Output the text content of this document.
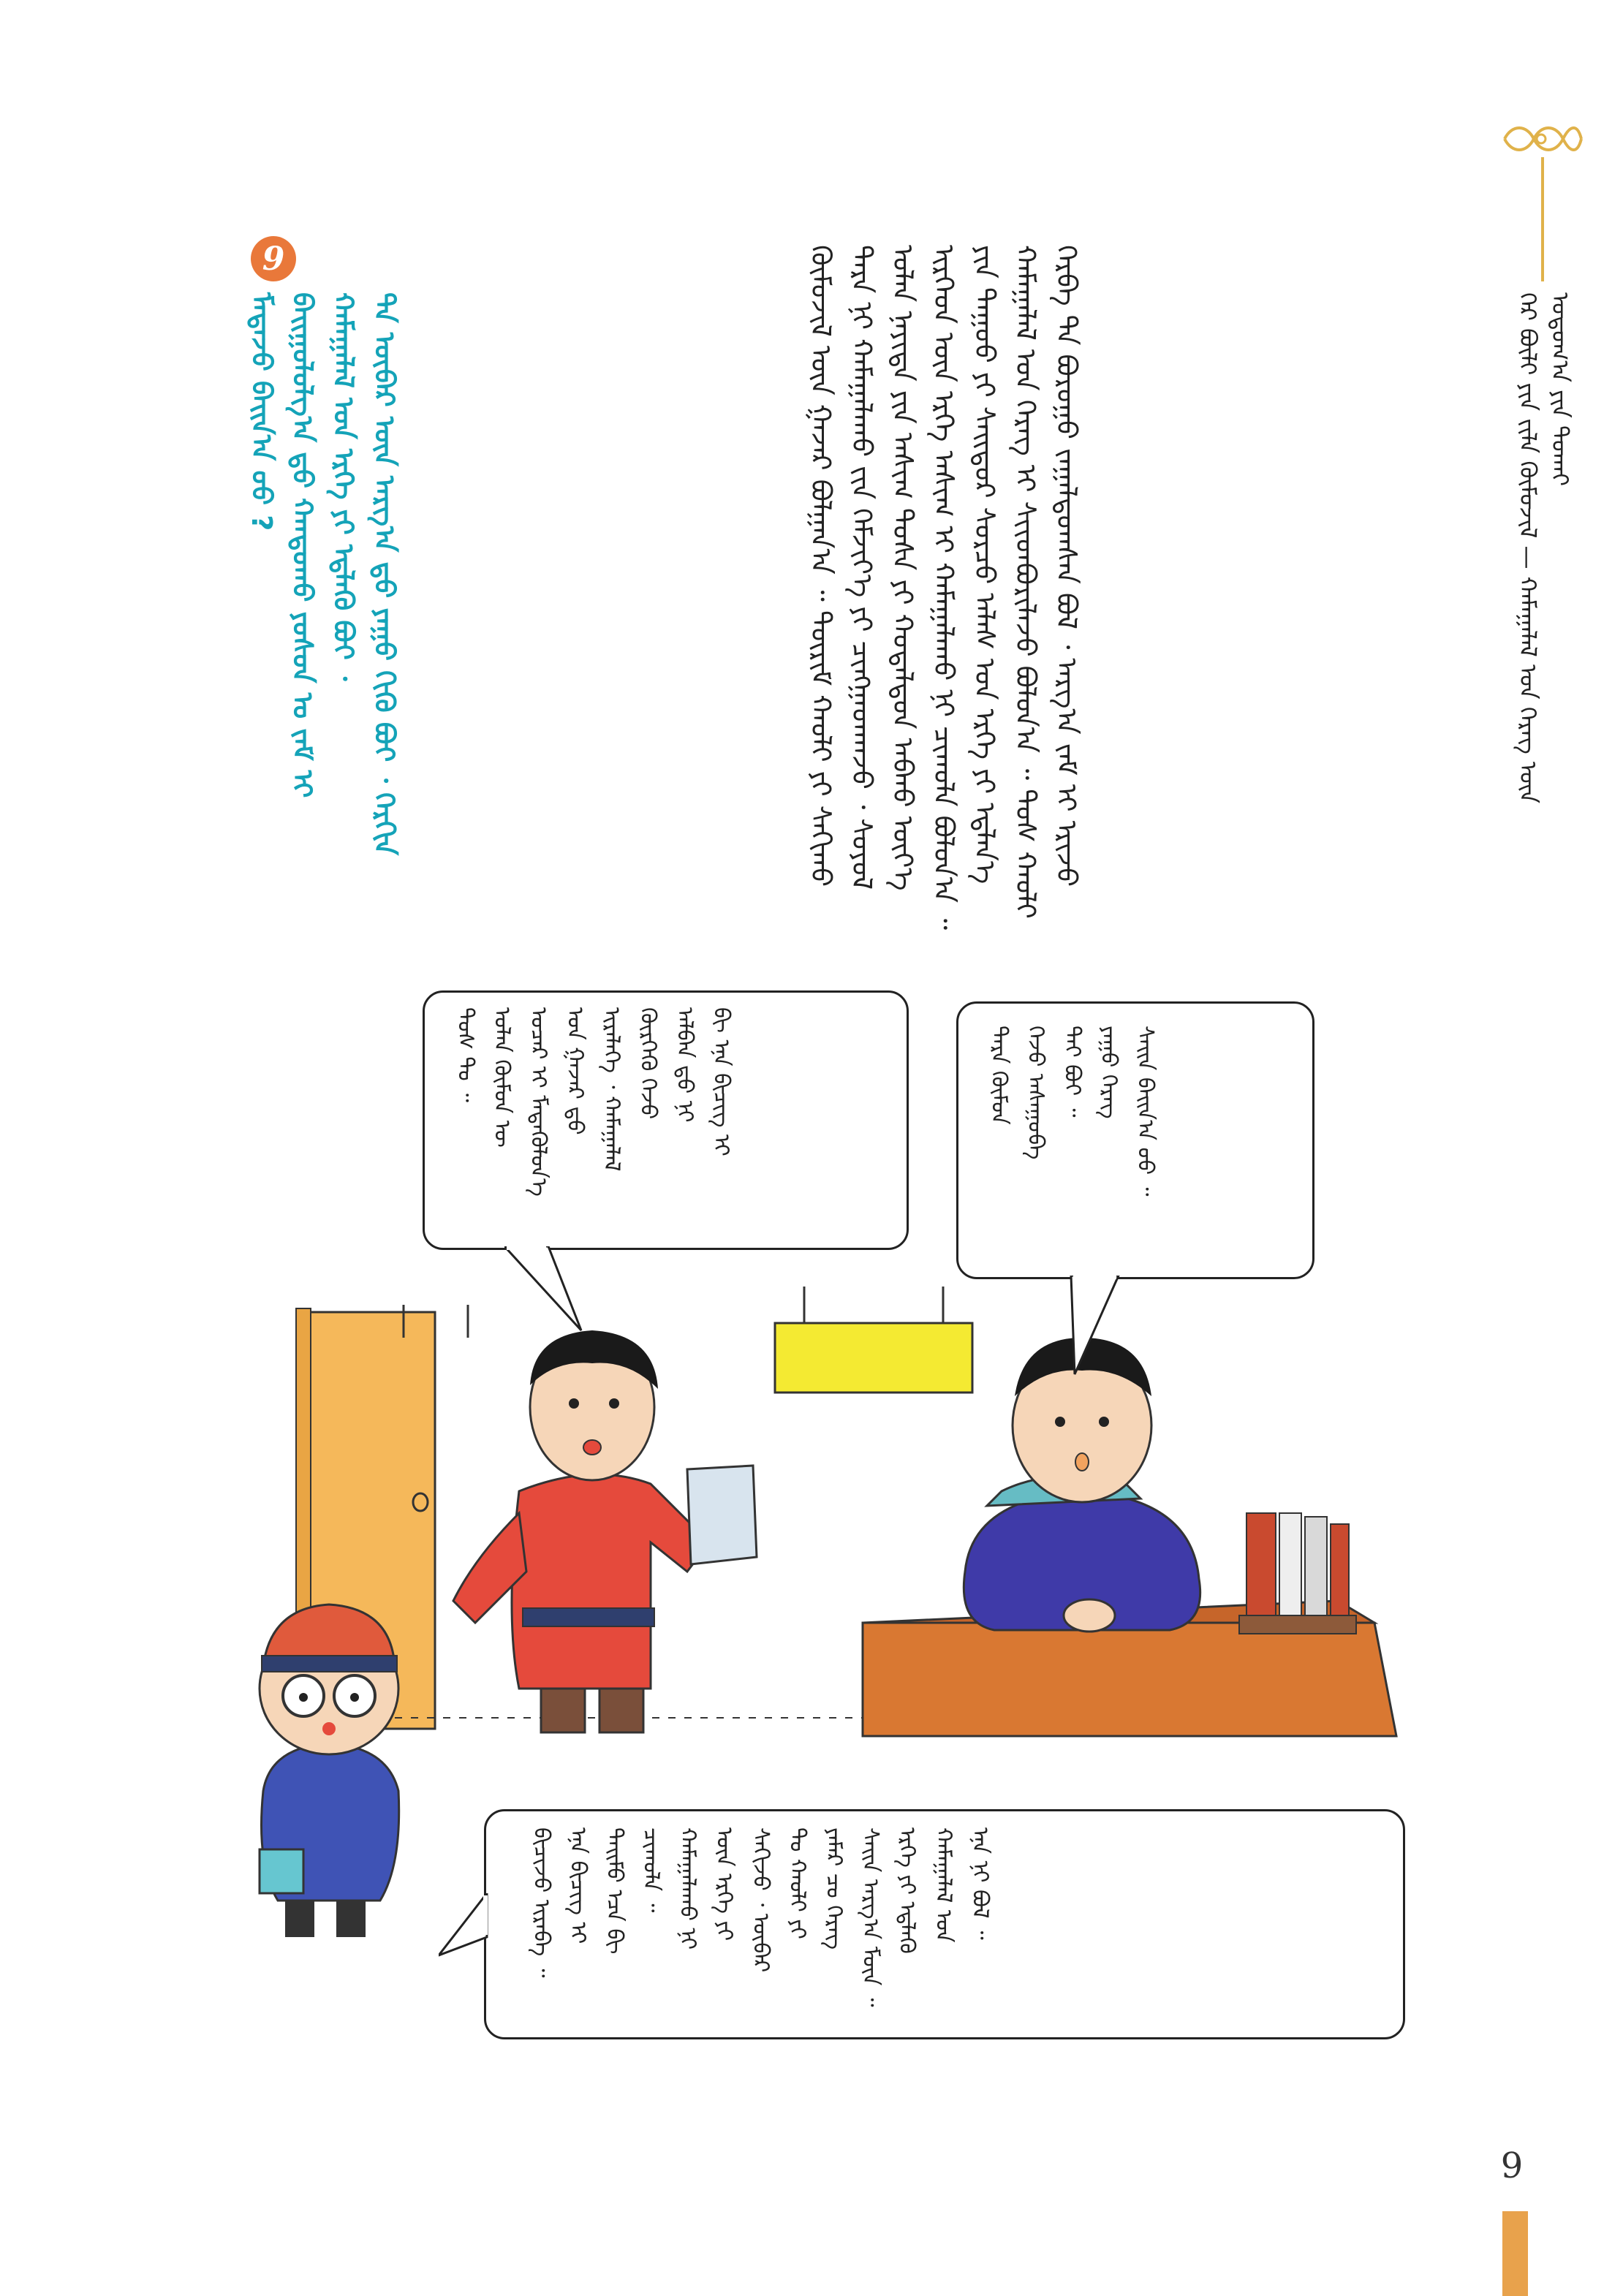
ᠭᠡᠷ ᠪᠦᠯᠢ ᠶᠢᠨ ᠵᠢᠯᠡ ᠬᠦᠮᠦᠵᠢᠯ — ᠬᠠᠮᠠᠭᠠᠯᠠᠯ ᠤᠨ ᠬᠡᠷᠡᠭ ᠦᠨ ᠣᠳᠣᠭ᠎ᠠ ᠶᠢᠨ ᠲᠤᠬᠠᠢ
ᠬᠡᠷᠪᠡ ᠲᠠ ᠪᠤᠷᠤᠭᠤ ᠵᠠᠭᠠᠯᠳᠤᠭᠰᠠᠨ ᠪᠣᠯ ᠂ ᠠᠷᠭ᠎ᠠ ᠵᠠᠮ ᠢ ᠡᠷᠢᠵᠦ
ᠬᠠᠮᠠᠭᠠᠯᠠᠯ ᠤᠨ ᠬᠡᠷᠡᠭ ᠢ ᠰᠢᠢᠳᠪᠦᠷᠢᠯᠡᠵᠦ ᠪᠣᠯᠣᠨ᠎ᠠ ᠃ ᠲᠤᠰ ᠬᠠᠤᠯᠢ
ᠶᠢᠨ ᠳᠠᠭᠤᠤ ᠶᠢ ᠰᠠᠢᠲᠤᠷ ᠰᠤᠷᠴᠤ ᠠᠯᠠᠰ ᠤᠨ ᠡᠷᠬᠡ ᠶᠢ ᠡᠳ᠋ᠯᠡᠨ᠎ᠡ
ᠢᠷᠭᠡᠳ ᠦᠨ ᠡᠷᠬᠡ ᠠᠰᠢᠭ ᠢ ᠬᠠᠮᠠᠭᠠᠯᠠᠬᠤ ᠨᠢ ᠴᠢᠬᠤᠯᠠ ᠪᠣᠯᠣᠨ᠎ᠠ ᠃
ᠣᠯᠠᠨ ᠨᠡᠶᠢᠲᠡ ᠶᠢᠨ ᠠᠰᠢᠭ ᠲᠤᠰᠠ ᠶᠢ ᠬᠤᠳᠠᠯᠳᠤᠨ ᠠᠪᠬᠤ ᠦᠶ᠎ᠡ
ᠲᠡᠷᠡ ᠨᠢ ᠬᠠᠮᠠᠭᠠᠯᠠᠬᠤ ᠵᠢᠨ ᠬᠡᠮᠵᠢᠶ᠎ᠡ ᠶᠢ ᠴᠢᠩᠭᠠᠳᠬᠠᠵᠤ ᠂ ᠰᠣᠶᠣᠯ
ᠬᠦᠮᠦᠵᠢᠯ ᠦᠨ ᠭᠠᠵᠠᠷ ᠪᠣᠯᠭᠠᠨ᠎ᠠ ᠃ ᠳᠦᠷᠢᠮ ᠬᠠᠤᠯᠢ ᠶᠢ ᠰᠠᠬᠢᠬᠤ
9
ᠲᠠ ᠦᠪᠡᠷ ᠦᠨ ᠠᠷᠭ᠎ᠠ ᠳ᠋ᠤ ᠶᠠᠭᠤ ᠬᠢᠬᠦ ᠪᠤᠢ ᠂ ᠬᠡᠷᠬᠢᠨ
ᠬᠠᠮᠠᠭᠠᠯᠠᠯ ᠤᠨ ᠡᠷᠬᠡ ᠶᠢ ᠡᠳ᠋ᠯᠡᠬᠦ ᠪᠤᠢ ᠂
ᠪᠠᠢᠭᠤᠯᠤᠯᠭ᠎ᠠ ᠳ᠋ᠤ ᠬᠠᠨᠳᠤᠬᠤ ᠶᠣᠰᠣᠨ ᠤ ᠵᠠᠮ ᠢ
ᠮᠡᠳᠡᠵᠦ ᠪᠠᠢᠨ᠎ᠠ ᠤᠤ ?
ᠰᠠᠢᠨ ᠪᠠᠢᠨ᠎ᠠ ᠤᠤ ᠃
ᠶᠠᠭᠤ ᠬᠡᠷᠡᠭ
ᠲᠠᠢ ᠪᠤᠢ ᠃
ᠭᠡᠵᠦ ᠠᠰᠠᠭᠤᠪᠠ
ᠲᠡᠷᠡ ᠬᠦᠮᠦᠨ
ᠪᠢ ᠡᠨᠡ ᠪᠢᠴᠢᠭ ᠢ
ᠠᠯᠪᠠᠨ ᠳ᠋ᠤ ᠨᠢ
ᠬᠦᠷᠭᠡᠬᠦ ᠭᠡᠵᠦ
ᠢᠷᠡᠯᠡᠭᠡ ᠂ ᠬᠠᠮᠠᠭᠠᠯᠠᠯ
ᠤᠨ ᠭᠠᠵᠠᠷ ᠳ᠋ᠤ
ᠤᠴᠠᠷ ᠢ ᠮᠡᠳᠡᠭᠦᠯᠦᠨ᠎ᠡ
ᠣᠯᠠᠨ ᠬᠦᠮᠦᠨ ᠦ
ᠲᠤᠰ ᠲᠤ ᠃
ᠡᠨᠡ ᠨᠢ ᠪᠣᠯ ᠃
ᠬᠠᠮᠠᠭᠠᠯᠠᠯ ᠤᠨ
ᠡᠷᠬᠡ ᠶᠢ ᠡᠳ᠋ᠯᠡᠬᠦ
ᠰᠠᠢᠨ ᠠᠷᠭ᠎ᠠ ᠮᠦᠨ ᠃
ᠶᠠᠮᠠᠷ ᠴᠤ ᠬᠡᠷᠡᠭ
ᠲᠤ ᠬᠠᠤᠯᠢ ᠶᠢ
ᠰᠠᠬᠢᠵᠤ ᠂ ᠦᠪᠡᠷ
ᠦᠨ ᠡᠷᠬᠡ ᠶᠢ
ᠬᠠᠮᠠᠭᠠᠯᠠᠬᠤ ᠨᠢ
ᠴᠢᠬᠤᠯᠠ ᠃
ᠲᠡᠢᠮᠦ ᠡᠴᠡ ᠪᠢ
ᠡᠨᠡ ᠪᠢᠴᠢᠭ ᠢ
ᠪᠢᠴᠢᠵᠦ ᠢᠷᠡᠪᠡ ᠃
9
